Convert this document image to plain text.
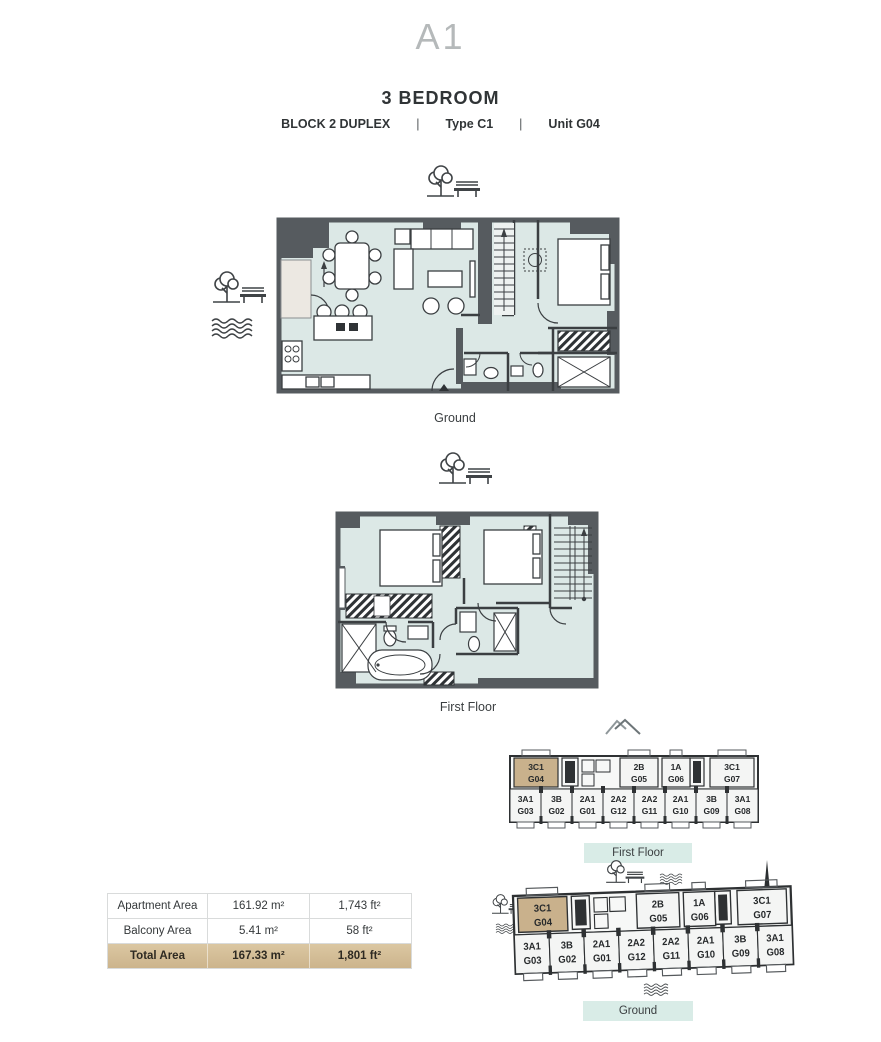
A1
3 BEDROOM
BLOCK 2 DUPLEX | Type C1 | Unit G04
Ground
First Floor
3C1
G04
2B
G05
1A
G06
3C1
G07
3A1
G03
3B
G02
2A1
G01
2A2
G12
2A2
G11
2A1
G10
3B
G09
3A1
G08
First Floor
3C1
G04
2B
G05
1A
G06
3C1
G07
3A1
G03
3B
G02
2A1
G01
2A2
G12
2A2
G11
2A1
G10
3B
G09
3A1
G08
Ground
Apartment Area	161.92 m²	1,743 ft²
Balcony Area	5.41 m²	58 ft²
Total Area	167.33 m²	1,801 ft²
